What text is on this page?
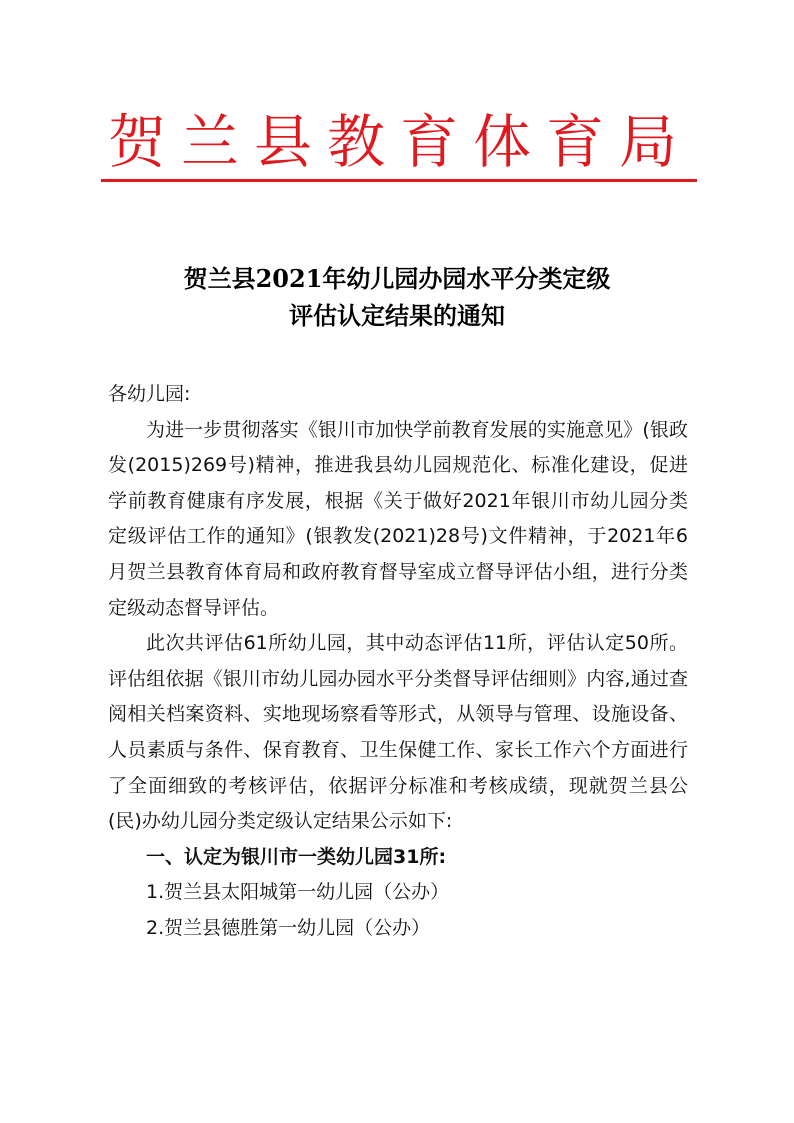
贺兰县教育体育局
贺兰县2021年幼儿园办园水平分类定级
评估认定结果的通知

各幼儿园:

为进一步贯彻落实《银川市加快学前教育发展的实施意见》(银政发(2015)269号)精神，推进我县幼儿园规范化、标准化建设，促进学前教育健康有序发展，根据《关于做好2021年银川市幼儿园分类定级评估工作的通知》(银教发(2021)28号)文件精神，于2021年6月贺兰县教育体育局和政府教育督导室成立督导评估小组，进行分类定级动态督导评估。

此次共评估61所幼儿园，其中动态评估11所，评估认定50所。评估组依据《银川市幼儿园办园水平分类督导评估细则》内容,通过查阅相关档案资料、实地现场察看等形式，从领导与管理、设施设备、人员素质与条件、保育教育、卫生保健工作、家长工作六个方面进行了全面细致的考核评估，依据评分标准和考核成绩，现就贺兰县公(民)办幼儿园分类定级认定结果公示如下:

一、认定为银川市一类幼儿园31所:

1.贺兰县太阳城第一幼儿园（公办）

2.贺兰县德胜第一幼儿园（公办）
